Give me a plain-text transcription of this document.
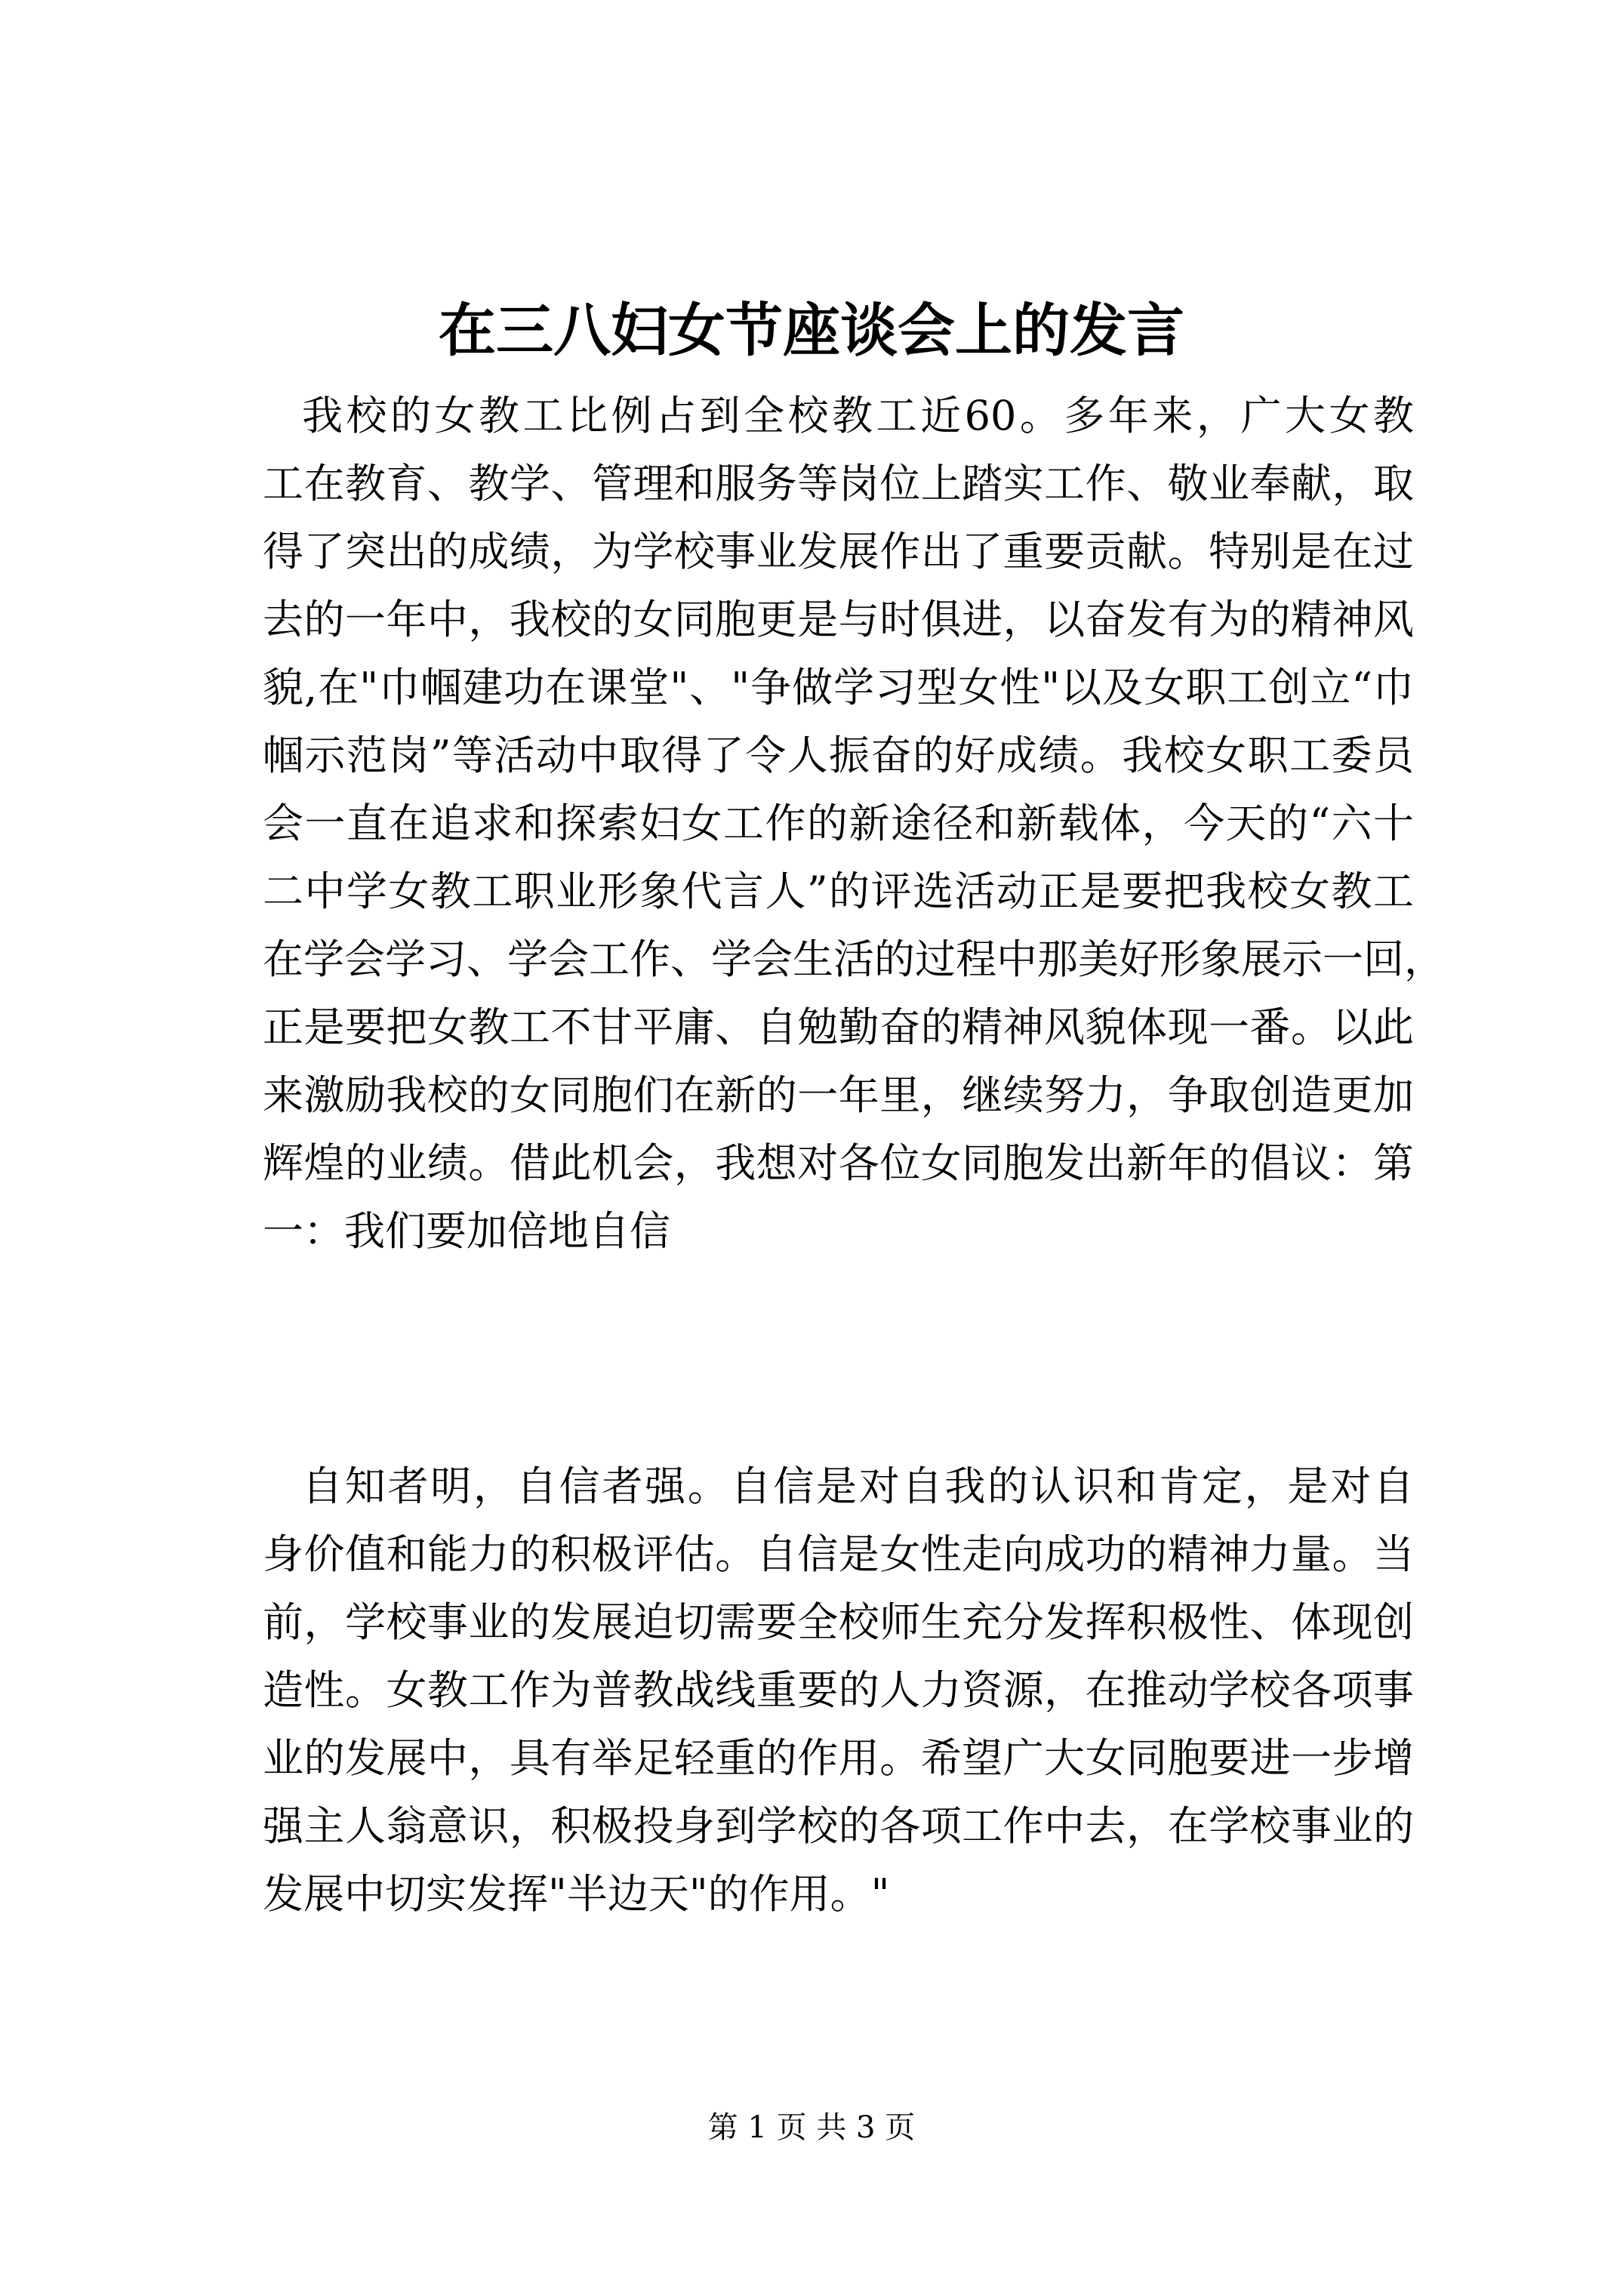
在三八妇女节座谈会上的发言
我校的女教工比例占到全校教工近60。多年来，广大女教
工在教育、教学、管理和服务等岗位上踏实工作、敬业奉献，取
得了突出的成绩，为学校事业发展作出了重要贡献。特别是在过
去的一年中，我校的女同胞更是与时俱进，以奋发有为的精神风
貌,在"巾帼建功在课堂"、"争做学习型女性"以及女职工创立“巾
帼示范岗”等活动中取得了令人振奋的好成绩。我校女职工委员
会一直在追求和探索妇女工作的新途径和新载体，今天的“六十
二中学女教工职业形象代言人”的评选活动正是要把我校女教工
在学会学习、学会工作、学会生活的过程中那美好形象展示一回，
正是要把女教工不甘平庸、自勉勤奋的精神风貌体现一番。以此
来激励我校的女同胞们在新的一年里，继续努力，争取创造更加
辉煌的业绩。借此机会，我想对各位女同胞发出新年的倡议：第
一：我们要加倍地自信
自知者明，自信者强。自信是对自我的认识和肯定，是对自
身价值和能力的积极评估。自信是女性走向成功的精神力量。当
前，学校事业的发展迫切需要全校师生充分发挥积极性、体现创
造性。女教工作为普教战线重要的人力资源，在推动学校各项事
业的发展中，具有举足轻重的作用。希望广大女同胞要进一步增
强主人翁意识，积极投身到学校的各项工作中去，在学校事业的
发展中切实发挥"半边天"的作用。"

第 1 页 共 3 页
